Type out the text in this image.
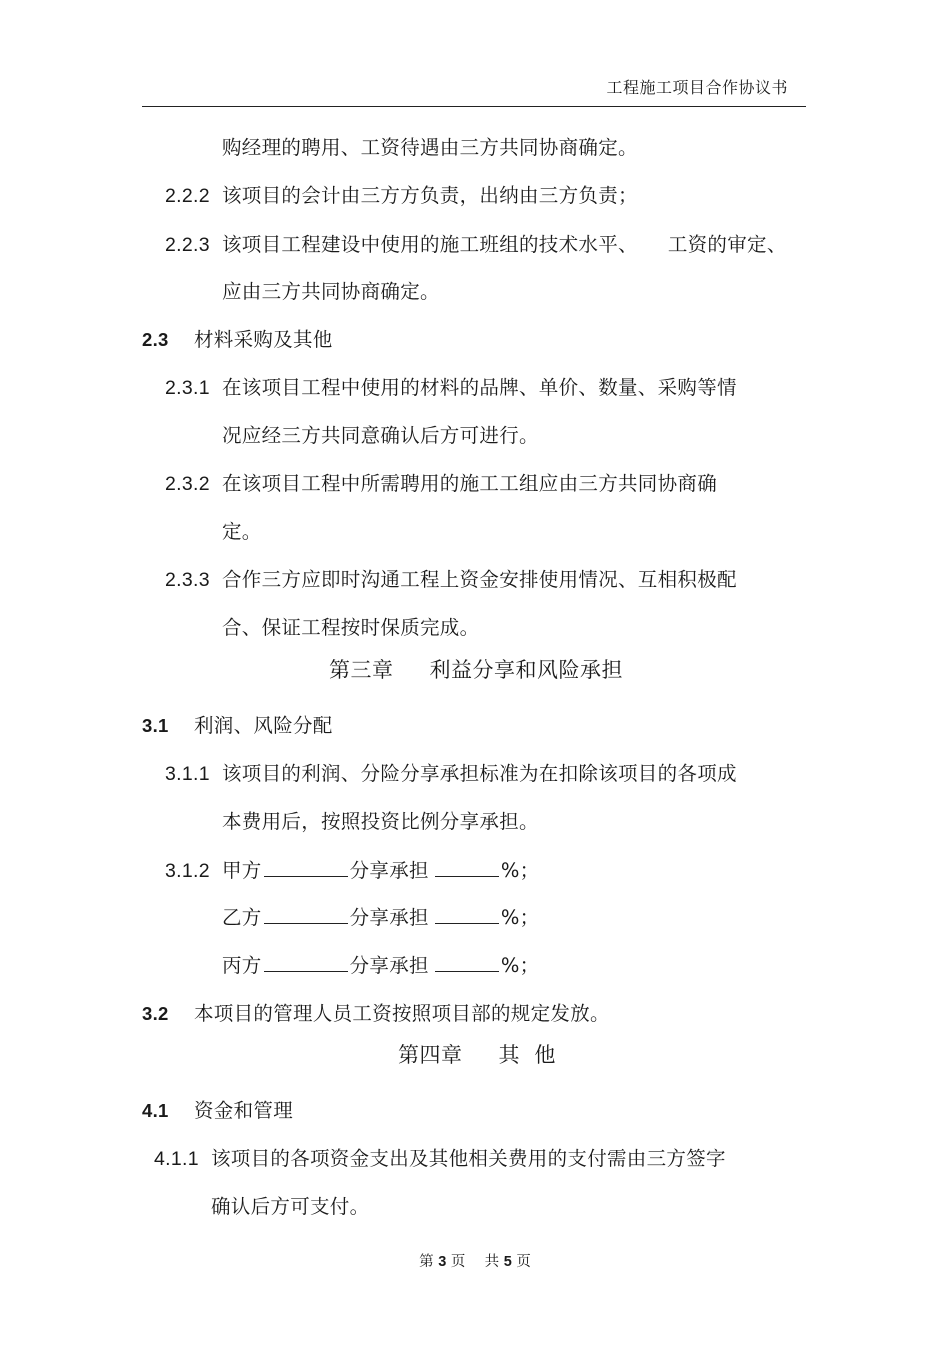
工程施工项目合作协议书
购经理的聘用、工资待遇由三方共同协商确定。
2.2.2 该项目的会计由三方方负责，出纳由三方负责；
2.2.3 该项目工程建设中使用的施工班组的技术水平、 工资的审定、
应由三方共同协商确定。
2.3 材料采购及其他
2.3.1 在该项目工程中使用的材料的品牌、单价、数量、采购等情
况应经三方共同意确认后方可进行。
2.3.2 在该项目工程中所需聘用的施工工组应由三方共同协商确
定。
2.3.3 合作三方应即时沟通工程上资金安排使用情况、互相积极配
合、保证工程按时保质完成。
第三章 利益分享和风险承担
3.1 利润、风险分配
3.1.1 该项目的利润、分险分享承担标准为在扣除该项目的各项成
本费用后，按照投资比例分享承担。
3.1.2 甲方	分享承担	%；
乙方	分享承担	%；
丙方	分享承担	%；
3.2 本项目的管理人员工资按照项目部的规定发放。
第四章 其  他
4.1 资金和管理
4.1.1 该项目的各项资金支出及其他相关费用的支付需由三方签字
确认后方可支付。
第 3 页 共 5 页
